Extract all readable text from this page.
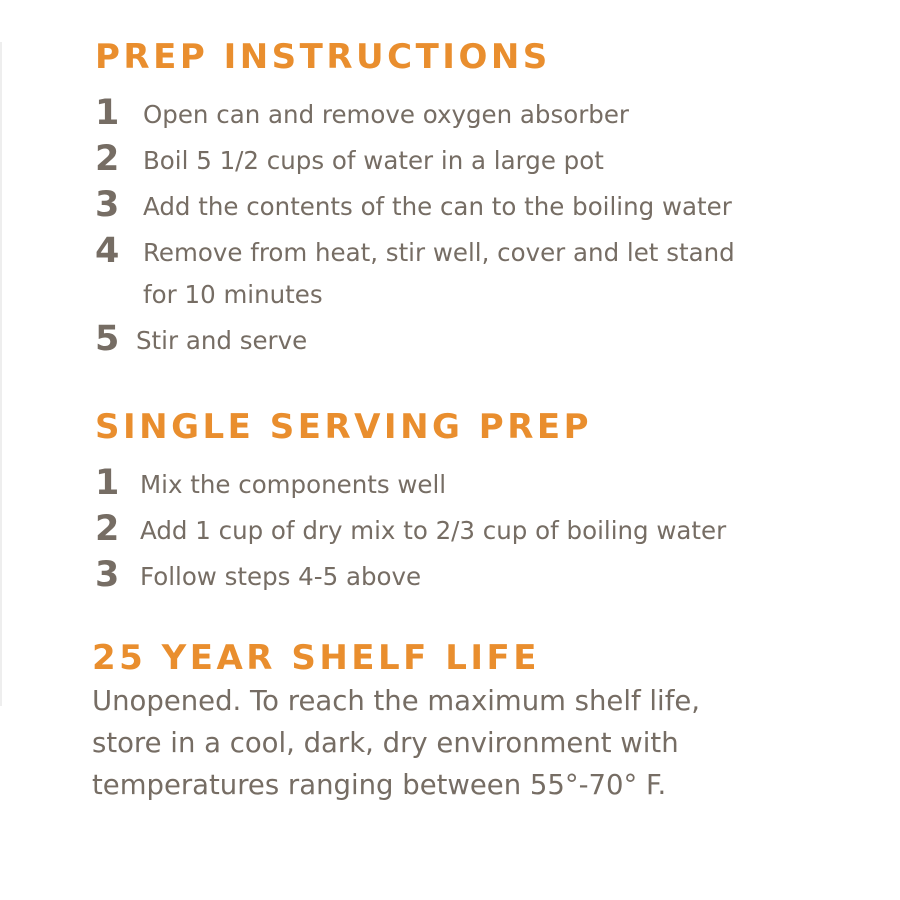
PREP INSTRUCTIONS
1 Open can and remove oxygen absorber
2 Boil 5 1/2 cups of water in a large pot
3 Add the contents of the can to the boiling water
4 Remove from heat, stir well, cover and let stand
for 10 minutes
5 Stir and serve
SINGLE SERVING PREP
1 Mix the components well
2 Add 1 cup of dry mix to 2/3 cup of boiling water
3 Follow steps 4-5 above
25 YEAR SHELF LIFE

Unopened. To reach the maximum shelf life,
store in a cool, dark, dry environment with
temperatures ranging between 55°-70° F.
